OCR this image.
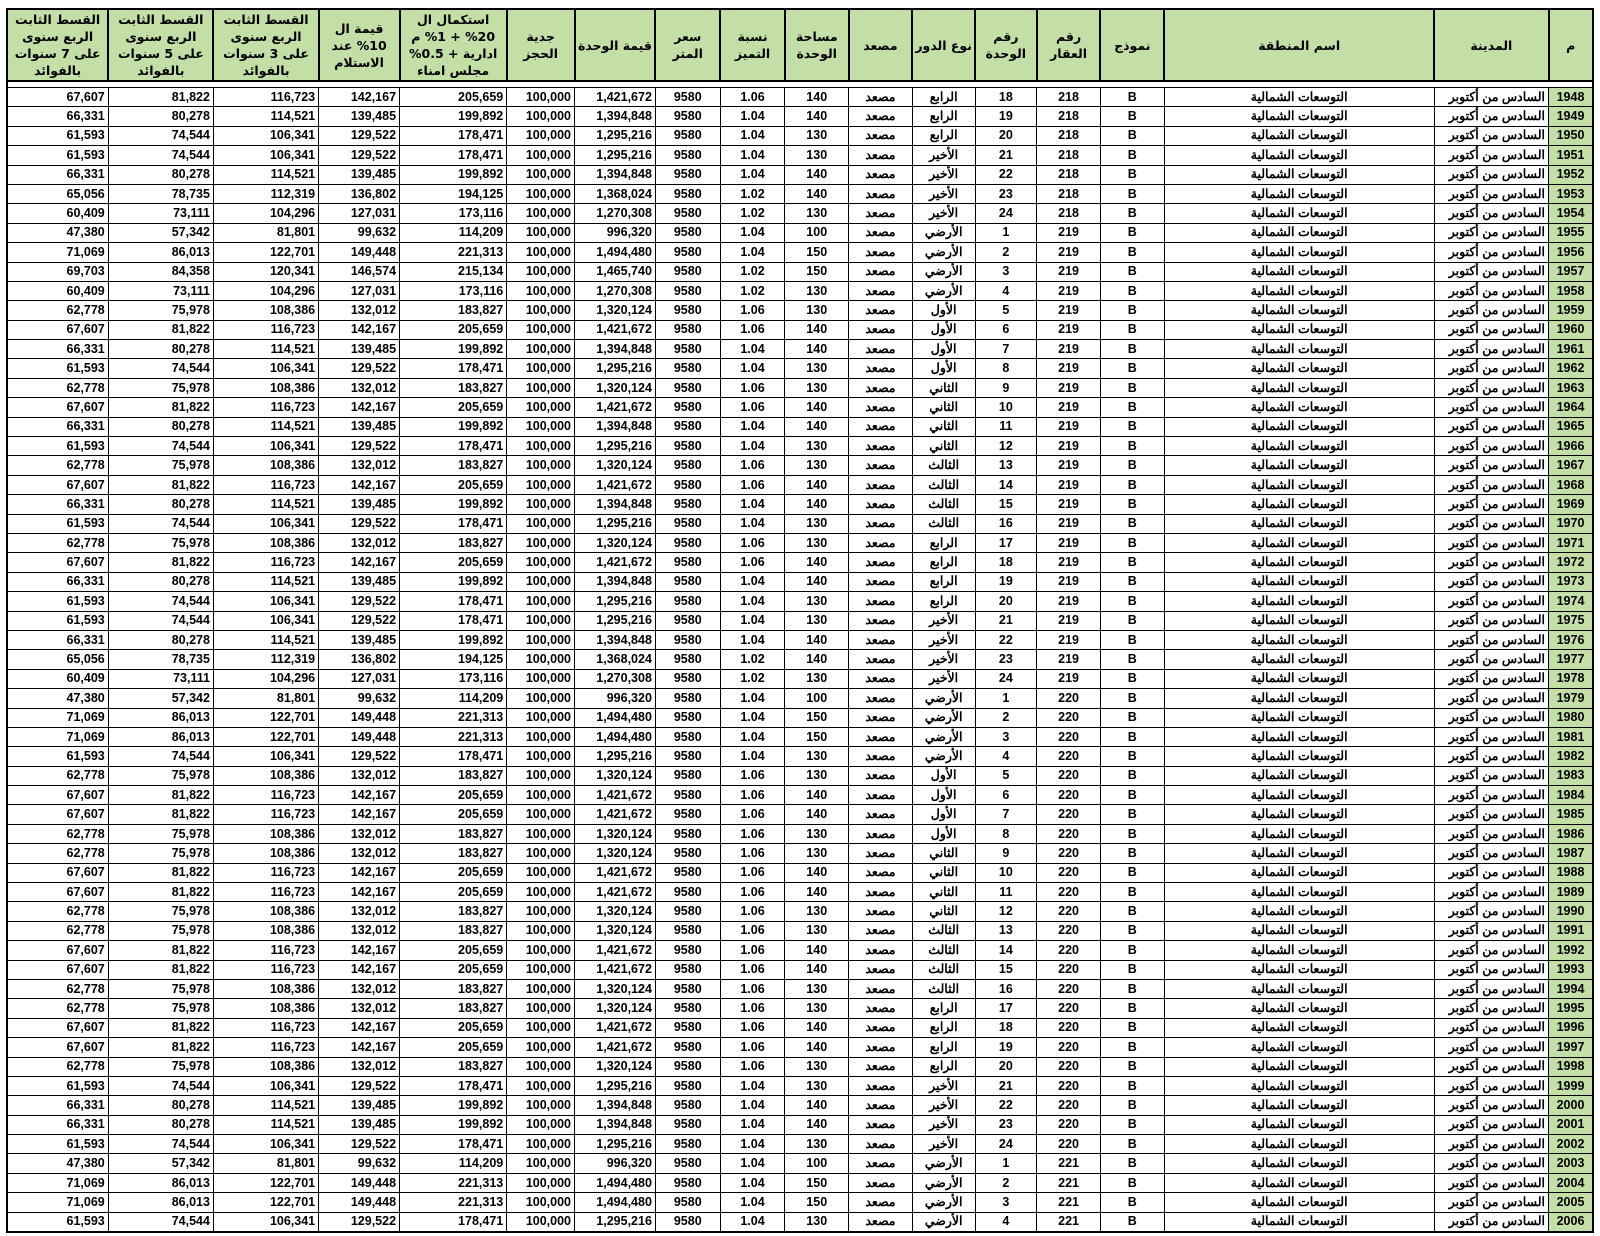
م	المدينة	اسم المنطقة	نموذج	رقم العقار	رقم الوحدة	نوع الدور	مصعد	مساحة الوحدة	نسبة التميز	سعر المتر	قيمة الوحدة	جدية الحجز	استكمال ال 20% + 1% م ادارية + 0.5% مجلس امناء	قيمة ال 10% عند الاستلام	القسط الثابت الربع سنوى على 3 سنوات بالفوائد	القسط الثابت الربع سنوى على 5 سنوات بالفوائد	القسط الثابت الربع سنوى على 7 سنوات بالفوائد

1948	السادس من أكتوبر	التوسعات الشمالية	B	218	18	الرابع	مصعد	140	1.06	9580	1,421,672	100,000	205,659	142,167	116,723	81,822	67,607
1949	السادس من أكتوبر	التوسعات الشمالية	B	218	19	الرابع	مصعد	140	1.04	9580	1,394,848	100,000	199,892	139,485	114,521	80,278	66,331
1950	السادس من أكتوبر	التوسعات الشمالية	B	218	20	الرابع	مصعد	130	1.04	9580	1,295,216	100,000	178,471	129,522	106,341	74,544	61,593
1951	السادس من أكتوبر	التوسعات الشمالية	B	218	21	الأخير	مصعد	130	1.04	9580	1,295,216	100,000	178,471	129,522	106,341	74,544	61,593
1952	السادس من أكتوبر	التوسعات الشمالية	B	218	22	الأخير	مصعد	140	1.04	9580	1,394,848	100,000	199,892	139,485	114,521	80,278	66,331
1953	السادس من أكتوبر	التوسعات الشمالية	B	218	23	الأخير	مصعد	140	1.02	9580	1,368,024	100,000	194,125	136,802	112,319	78,735	65,056
1954	السادس من أكتوبر	التوسعات الشمالية	B	218	24	الأخير	مصعد	130	1.02	9580	1,270,308	100,000	173,116	127,031	104,296	73,111	60,409
1955	السادس من أكتوبر	التوسعات الشمالية	B	219	1	الأرضي	مصعد	100	1.04	9580	996,320	100,000	114,209	99,632	81,801	57,342	47,380
1956	السادس من أكتوبر	التوسعات الشمالية	B	219	2	الأرضي	مصعد	150	1.04	9580	1,494,480	100,000	221,313	149,448	122,701	86,013	71,069
1957	السادس من أكتوبر	التوسعات الشمالية	B	219	3	الأرضي	مصعد	150	1.02	9580	1,465,740	100,000	215,134	146,574	120,341	84,358	69,703
1958	السادس من أكتوبر	التوسعات الشمالية	B	219	4	الأرضي	مصعد	130	1.02	9580	1,270,308	100,000	173,116	127,031	104,296	73,111	60,409
1959	السادس من أكتوبر	التوسعات الشمالية	B	219	5	الأول	مصعد	130	1.06	9580	1,320,124	100,000	183,827	132,012	108,386	75,978	62,778
1960	السادس من أكتوبر	التوسعات الشمالية	B	219	6	الأول	مصعد	140	1.06	9580	1,421,672	100,000	205,659	142,167	116,723	81,822	67,607
1961	السادس من أكتوبر	التوسعات الشمالية	B	219	7	الأول	مصعد	140	1.04	9580	1,394,848	100,000	199,892	139,485	114,521	80,278	66,331
1962	السادس من أكتوبر	التوسعات الشمالية	B	219	8	الأول	مصعد	130	1.04	9580	1,295,216	100,000	178,471	129,522	106,341	74,544	61,593
1963	السادس من أكتوبر	التوسعات الشمالية	B	219	9	الثاني	مصعد	130	1.06	9580	1,320,124	100,000	183,827	132,012	108,386	75,978	62,778
1964	السادس من أكتوبر	التوسعات الشمالية	B	219	10	الثاني	مصعد	140	1.06	9580	1,421,672	100,000	205,659	142,167	116,723	81,822	67,607
1965	السادس من أكتوبر	التوسعات الشمالية	B	219	11	الثاني	مصعد	140	1.04	9580	1,394,848	100,000	199,892	139,485	114,521	80,278	66,331
1966	السادس من أكتوبر	التوسعات الشمالية	B	219	12	الثاني	مصعد	130	1.04	9580	1,295,216	100,000	178,471	129,522	106,341	74,544	61,593
1967	السادس من أكتوبر	التوسعات الشمالية	B	219	13	الثالث	مصعد	130	1.06	9580	1,320,124	100,000	183,827	132,012	108,386	75,978	62,778
1968	السادس من أكتوبر	التوسعات الشمالية	B	219	14	الثالث	مصعد	140	1.06	9580	1,421,672	100,000	205,659	142,167	116,723	81,822	67,607
1969	السادس من أكتوبر	التوسعات الشمالية	B	219	15	الثالث	مصعد	140	1.04	9580	1,394,848	100,000	199,892	139,485	114,521	80,278	66,331
1970	السادس من أكتوبر	التوسعات الشمالية	B	219	16	الثالث	مصعد	130	1.04	9580	1,295,216	100,000	178,471	129,522	106,341	74,544	61,593
1971	السادس من أكتوبر	التوسعات الشمالية	B	219	17	الرابع	مصعد	130	1.06	9580	1,320,124	100,000	183,827	132,012	108,386	75,978	62,778
1972	السادس من أكتوبر	التوسعات الشمالية	B	219	18	الرابع	مصعد	140	1.06	9580	1,421,672	100,000	205,659	142,167	116,723	81,822	67,607
1973	السادس من أكتوبر	التوسعات الشمالية	B	219	19	الرابع	مصعد	140	1.04	9580	1,394,848	100,000	199,892	139,485	114,521	80,278	66,331
1974	السادس من أكتوبر	التوسعات الشمالية	B	219	20	الرابع	مصعد	130	1.04	9580	1,295,216	100,000	178,471	129,522	106,341	74,544	61,593
1975	السادس من أكتوبر	التوسعات الشمالية	B	219	21	الأخير	مصعد	130	1.04	9580	1,295,216	100,000	178,471	129,522	106,341	74,544	61,593
1976	السادس من أكتوبر	التوسعات الشمالية	B	219	22	الأخير	مصعد	140	1.04	9580	1,394,848	100,000	199,892	139,485	114,521	80,278	66,331
1977	السادس من أكتوبر	التوسعات الشمالية	B	219	23	الأخير	مصعد	140	1.02	9580	1,368,024	100,000	194,125	136,802	112,319	78,735	65,056
1978	السادس من أكتوبر	التوسعات الشمالية	B	219	24	الأخير	مصعد	130	1.02	9580	1,270,308	100,000	173,116	127,031	104,296	73,111	60,409
1979	السادس من أكتوبر	التوسعات الشمالية	B	220	1	الأرضي	مصعد	100	1.04	9580	996,320	100,000	114,209	99,632	81,801	57,342	47,380
1980	السادس من أكتوبر	التوسعات الشمالية	B	220	2	الأرضي	مصعد	150	1.04	9580	1,494,480	100,000	221,313	149,448	122,701	86,013	71,069
1981	السادس من أكتوبر	التوسعات الشمالية	B	220	3	الأرضي	مصعد	150	1.04	9580	1,494,480	100,000	221,313	149,448	122,701	86,013	71,069
1982	السادس من أكتوبر	التوسعات الشمالية	B	220	4	الأرضي	مصعد	130	1.04	9580	1,295,216	100,000	178,471	129,522	106,341	74,544	61,593
1983	السادس من أكتوبر	التوسعات الشمالية	B	220	5	الأول	مصعد	130	1.06	9580	1,320,124	100,000	183,827	132,012	108,386	75,978	62,778
1984	السادس من أكتوبر	التوسعات الشمالية	B	220	6	الأول	مصعد	140	1.06	9580	1,421,672	100,000	205,659	142,167	116,723	81,822	67,607
1985	السادس من أكتوبر	التوسعات الشمالية	B	220	7	الأول	مصعد	140	1.06	9580	1,421,672	100,000	205,659	142,167	116,723	81,822	67,607
1986	السادس من أكتوبر	التوسعات الشمالية	B	220	8	الأول	مصعد	130	1.06	9580	1,320,124	100,000	183,827	132,012	108,386	75,978	62,778
1987	السادس من أكتوبر	التوسعات الشمالية	B	220	9	الثاني	مصعد	130	1.06	9580	1,320,124	100,000	183,827	132,012	108,386	75,978	62,778
1988	السادس من أكتوبر	التوسعات الشمالية	B	220	10	الثاني	مصعد	140	1.06	9580	1,421,672	100,000	205,659	142,167	116,723	81,822	67,607
1989	السادس من أكتوبر	التوسعات الشمالية	B	220	11	الثاني	مصعد	140	1.06	9580	1,421,672	100,000	205,659	142,167	116,723	81,822	67,607
1990	السادس من أكتوبر	التوسعات الشمالية	B	220	12	الثاني	مصعد	130	1.06	9580	1,320,124	100,000	183,827	132,012	108,386	75,978	62,778
1991	السادس من أكتوبر	التوسعات الشمالية	B	220	13	الثالث	مصعد	130	1.06	9580	1,320,124	100,000	183,827	132,012	108,386	75,978	62,778
1992	السادس من أكتوبر	التوسعات الشمالية	B	220	14	الثالث	مصعد	140	1.06	9580	1,421,672	100,000	205,659	142,167	116,723	81,822	67,607
1993	السادس من أكتوبر	التوسعات الشمالية	B	220	15	الثالث	مصعد	140	1.06	9580	1,421,672	100,000	205,659	142,167	116,723	81,822	67,607
1994	السادس من أكتوبر	التوسعات الشمالية	B	220	16	الثالث	مصعد	130	1.06	9580	1,320,124	100,000	183,827	132,012	108,386	75,978	62,778
1995	السادس من أكتوبر	التوسعات الشمالية	B	220	17	الرابع	مصعد	130	1.06	9580	1,320,124	100,000	183,827	132,012	108,386	75,978	62,778
1996	السادس من أكتوبر	التوسعات الشمالية	B	220	18	الرابع	مصعد	140	1.06	9580	1,421,672	100,000	205,659	142,167	116,723	81,822	67,607
1997	السادس من أكتوبر	التوسعات الشمالية	B	220	19	الرابع	مصعد	140	1.06	9580	1,421,672	100,000	205,659	142,167	116,723	81,822	67,607
1998	السادس من أكتوبر	التوسعات الشمالية	B	220	20	الرابع	مصعد	130	1.06	9580	1,320,124	100,000	183,827	132,012	108,386	75,978	62,778
1999	السادس من أكتوبر	التوسعات الشمالية	B	220	21	الأخير	مصعد	130	1.04	9580	1,295,216	100,000	178,471	129,522	106,341	74,544	61,593
2000	السادس من أكتوبر	التوسعات الشمالية	B	220	22	الأخير	مصعد	140	1.04	9580	1,394,848	100,000	199,892	139,485	114,521	80,278	66,331
2001	السادس من أكتوبر	التوسعات الشمالية	B	220	23	الأخير	مصعد	140	1.04	9580	1,394,848	100,000	199,892	139,485	114,521	80,278	66,331
2002	السادس من أكتوبر	التوسعات الشمالية	B	220	24	الأخير	مصعد	130	1.04	9580	1,295,216	100,000	178,471	129,522	106,341	74,544	61,593
2003	السادس من أكتوبر	التوسعات الشمالية	B	221	1	الأرضي	مصعد	100	1.04	9580	996,320	100,000	114,209	99,632	81,801	57,342	47,380
2004	السادس من أكتوبر	التوسعات الشمالية	B	221	2	الأرضي	مصعد	150	1.04	9580	1,494,480	100,000	221,313	149,448	122,701	86,013	71,069
2005	السادس من أكتوبر	التوسعات الشمالية	B	221	3	الأرضي	مصعد	150	1.04	9580	1,494,480	100,000	221,313	149,448	122,701	86,013	71,069
2006	السادس من أكتوبر	التوسعات الشمالية	B	221	4	الأرضي	مصعد	130	1.04	9580	1,295,216	100,000	178,471	129,522	106,341	74,544	61,593
